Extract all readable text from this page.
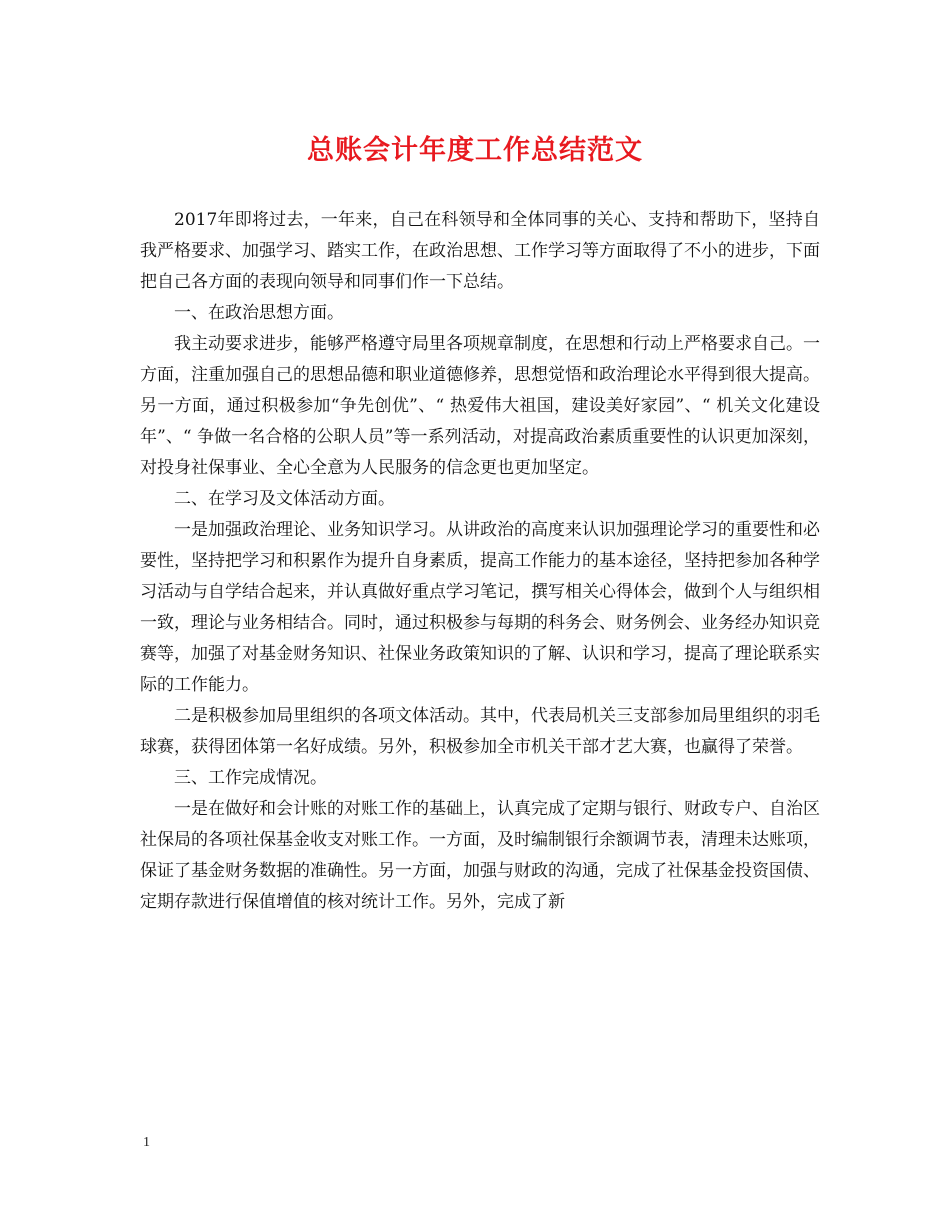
总账会计年度工作总结范文

2017年即将过去，一年来，自己在科领导和全体同事的关心、支持和帮助下，坚持自我严格要求、加强学习、踏实工作，在政治思想、工作学习等方面取得了不小的进步，下面把自己各方面的表现向领导和同事们作一下总结。

一、在政治思想方面。

我主动要求进步，能够严格遵守局里各项规章制度，在思想和行动上严格要求自己。一方面，注重加强自己的思想品德和职业道德修养，思想觉悟和政治理论水平得到很大提高。另一方面，通过积极参加“争先创优”、“ 热爱伟大祖国，建设美好家园”、“ 机关文化建设年”、“ 争做一名合格的公职人员”等一系列活动，对提高政治素质重要性的认识更加深刻，对投身社保事业、全心全意为人民服务的信念更也更加坚定。

二、在学习及文体活动方面。

一是加强政治理论、业务知识学习。从讲政治的高度来认识加强理论学习的重要性和必要性，坚持把学习和积累作为提升自身素质，提高工作能力的基本途径，坚持把参加各种学习活动与自学结合起来，并认真做好重点学习笔记，撰写相关心得体会，做到个人与组织相一致，理论与业务相结合。同时，通过积极参与每期的科务会、财务例会、业务经办知识竞赛等，加强了对基金财务知识、社保业务政策知识的了解、认识和学习，提高了理论联系实际的工作能力。

二是积极参加局里组织的各项文体活动。其中，代表局机关三支部参加局里组织的羽毛球赛，获得团体第一名好成绩。另外，积极参加全市机关干部才艺大赛，也赢得了荣誉。

三、工作完成情况。

一是在做好和会计账的对账工作的基础上，认真完成了定期与银行、财政专户、自治区社保局的各项社保基金收支对账工作。一方面，及时编制银行余额调节表，清理未达账项，保证了基金财务数据的准确性。另一方面，加强与财政的沟通，完成了社保基金投资国债、定期存款进行保值增值的核对统计工作。另外，完成了新

1
